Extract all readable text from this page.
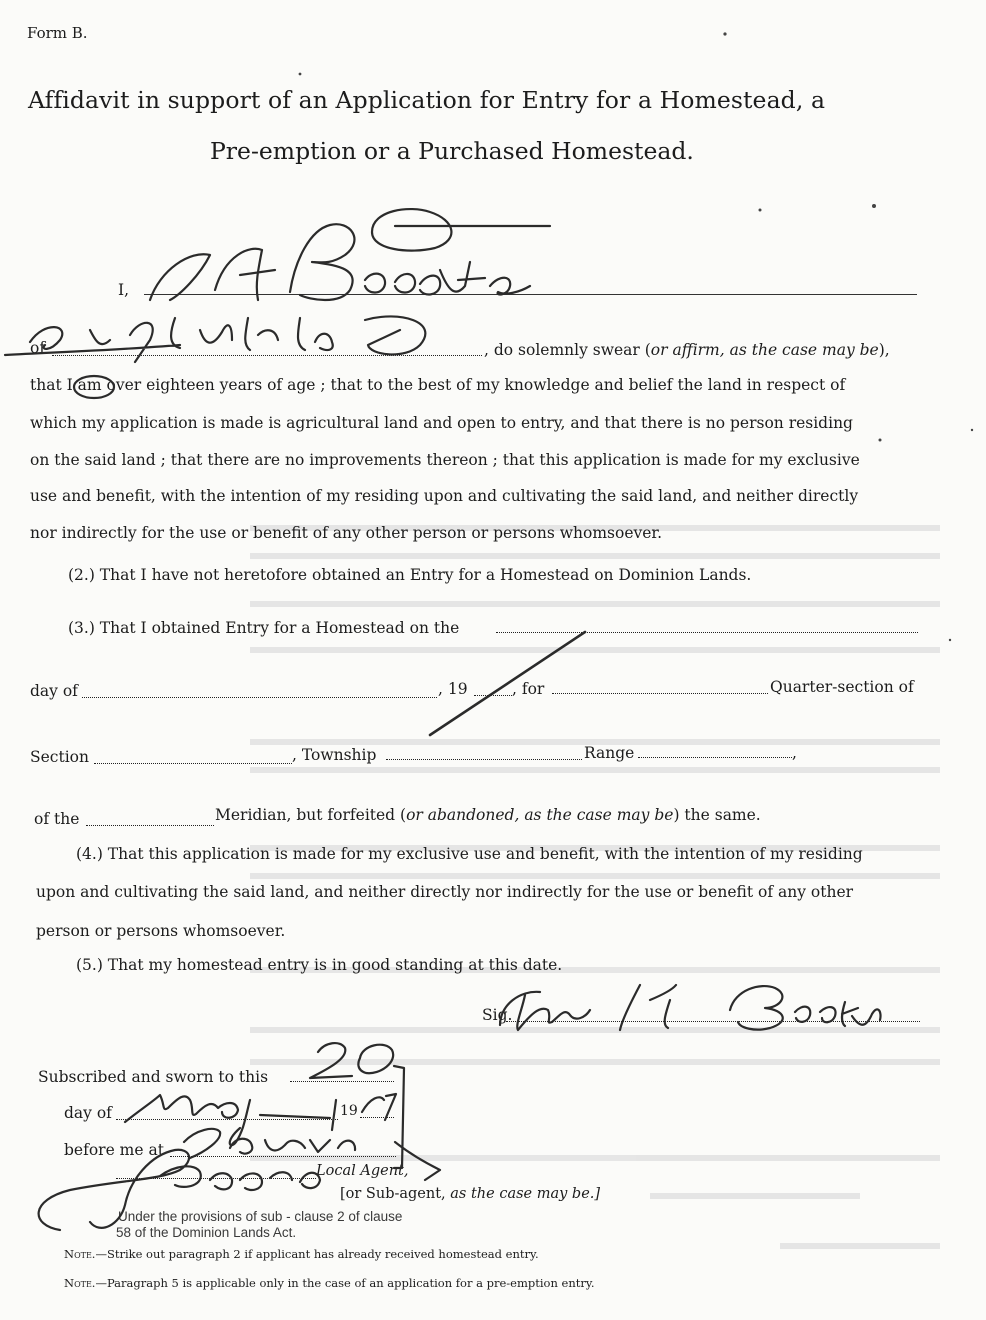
Form B.
Affidavit in support of an Application for Entry for a Homestead, a
Pre-emption or a Purchased Homestead.
I,
of	, do solemnly swear (or affirm, as the case may be),
that I am over eighteen years of age ; that to the best of my knowledge and belief the land in respect of
which my application is made is agricultural land and open to entry, and that there is no person residing
on the said land ; that there are no improvements thereon ; that this application is made for my exclusive
use and benefit, with the intention of my residing upon and cultivating the said land, and neither directly
nor indirectly for the use or benefit of any other person or persons whomsoever.
(2.) That I have not heretofore obtained an Entry for a Homestead on Dominion Lands.
(3.) That I obtained Entry for a Homestead on the
day of	, 19	, for	Quarter-section of
Section	, Township	Range	,
of the	Meridian, but forfeited (or abandoned, as the case may be) the same.
(4.) That this application is made for my exclusive use and benefit, with the intention of my residing
upon and cultivating the said land, and neither directly nor indirectly for the use or benefit of any other
person or persons whomsoever.
(5.) That my homestead entry is in good standing at this date.
Sig.
Subscribed and sworn to this
day of	19
before me at
Local Agent,
[or Sub-agent, as the case may be.]
Under the provisions of sub - clause 2 of clause
58 of the Dominion Lands Act.
Note.—Strike out paragraph 2 if applicant has already received homestead entry.
Note.—Paragraph 5 is applicable only in the case of an application for a pre-emption entry.
